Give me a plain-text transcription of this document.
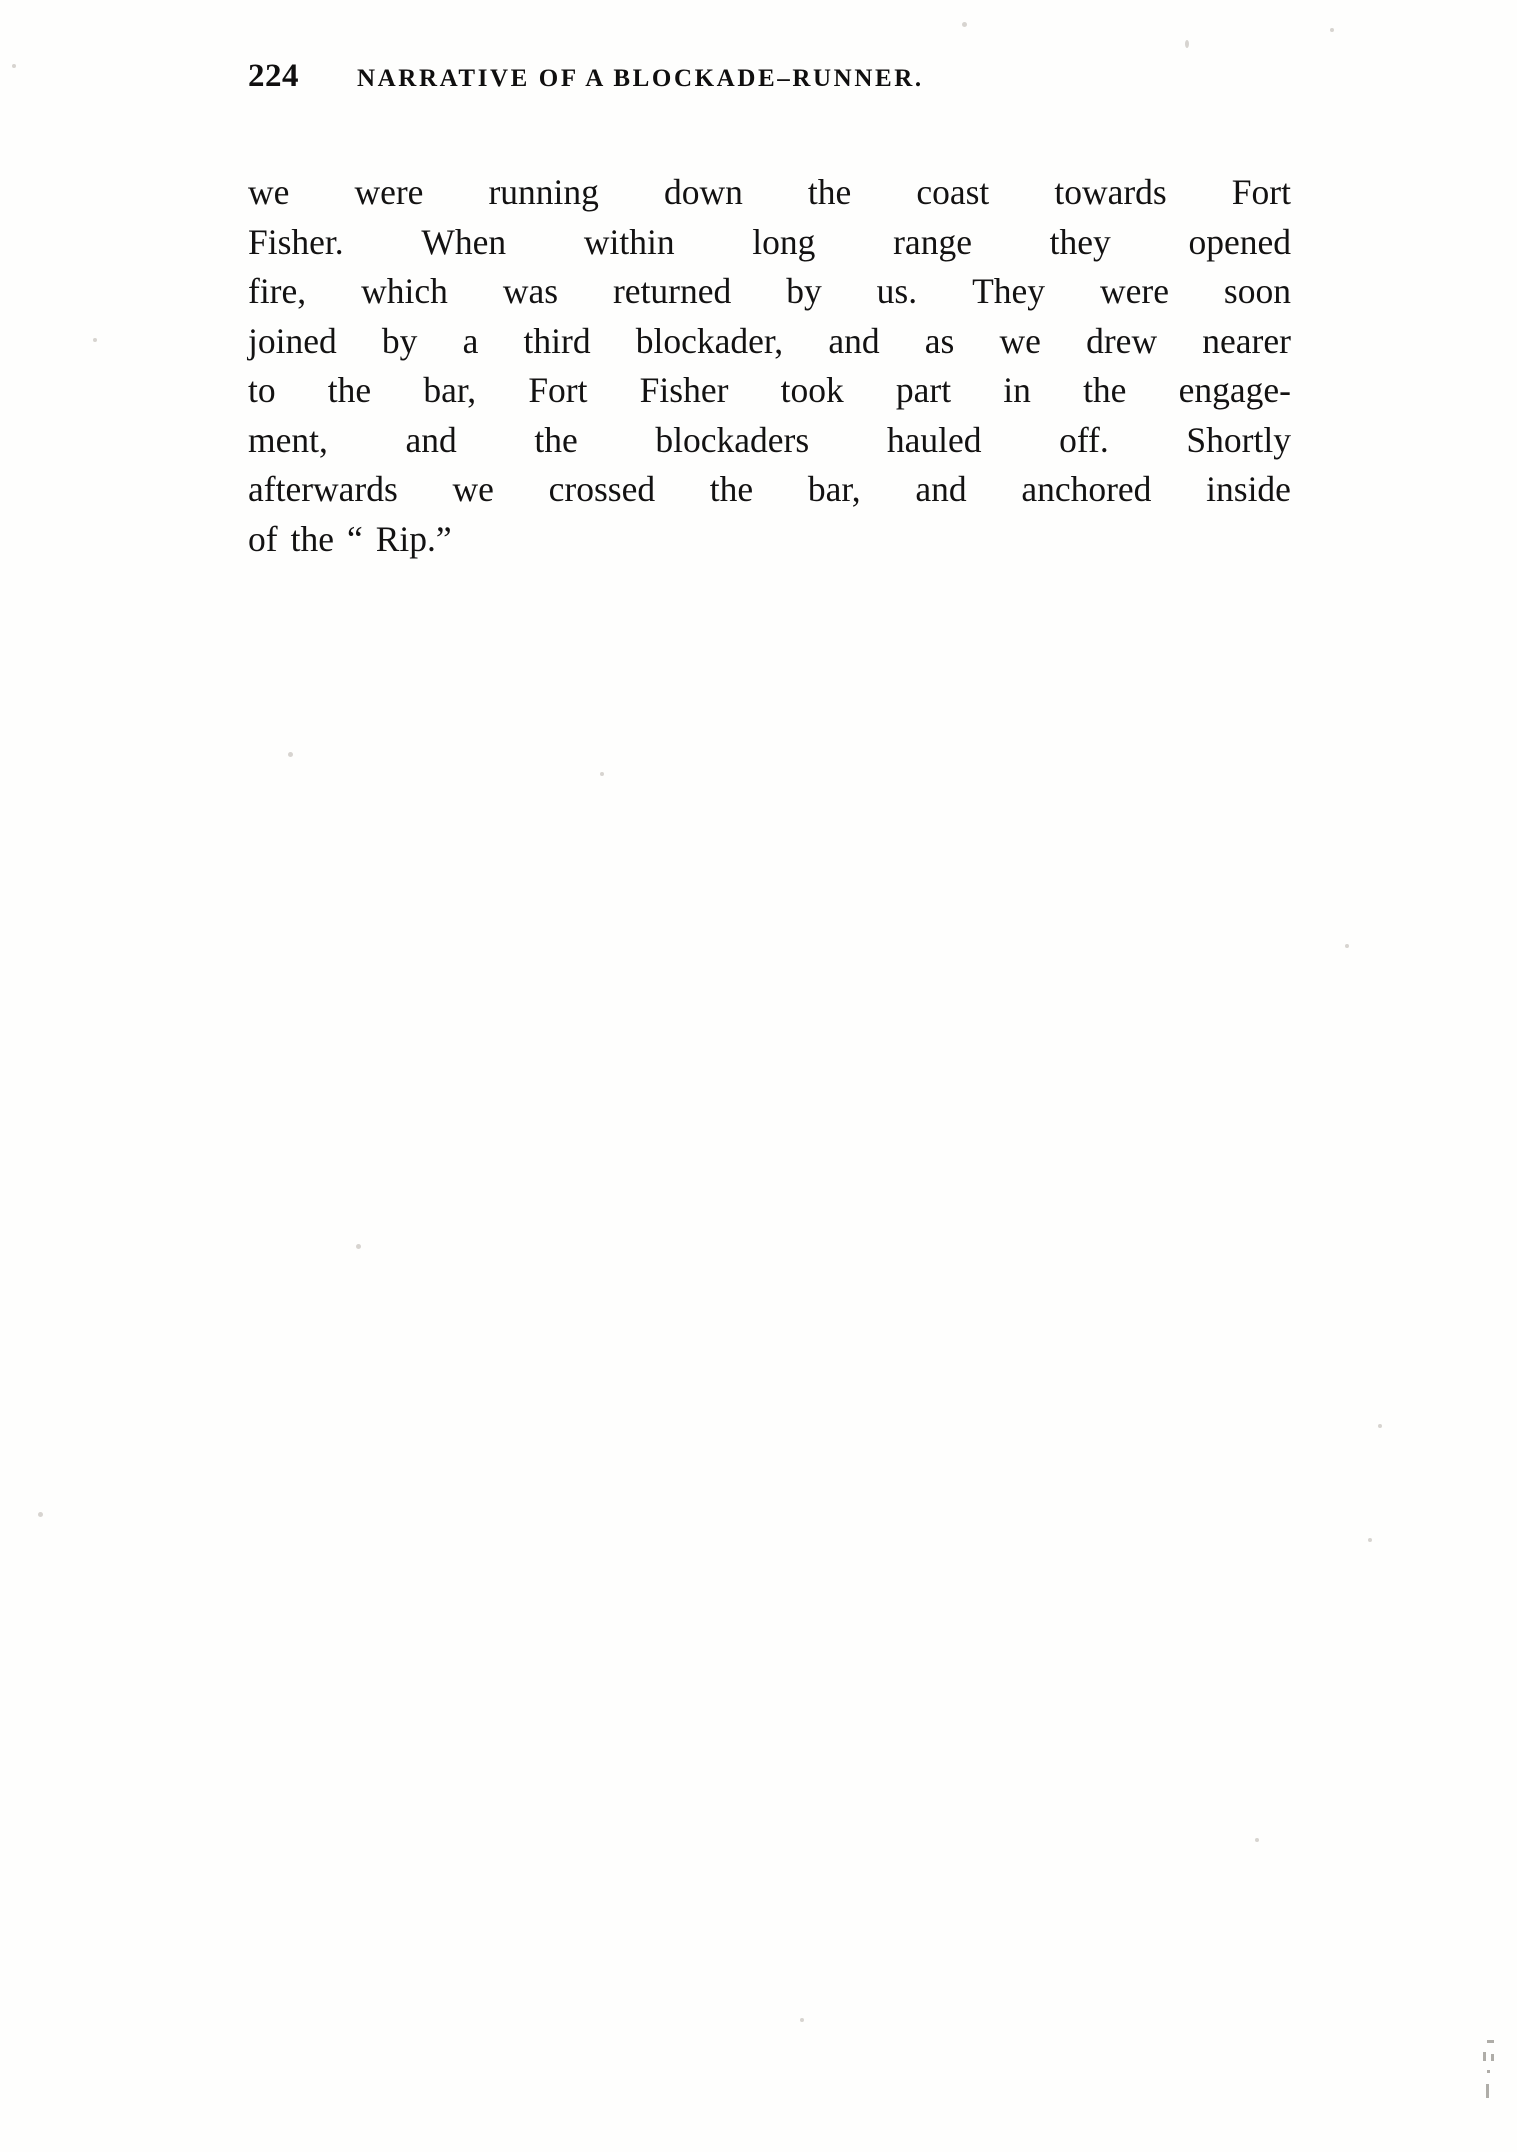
224 NARRATIVE OF A BLOCKADE–RUNNER.
we were running down the coast towards Fort
Fisher. When within long range they opened
fire, which was returned by us. They were soon
joined by a third blockader, and as we drew nearer
to the bar, Fort Fisher took part in the engage-
ment, and the blockaders hauled off. Shortly
afterwards we crossed the bar, and anchored inside
of the “ Rip.”
